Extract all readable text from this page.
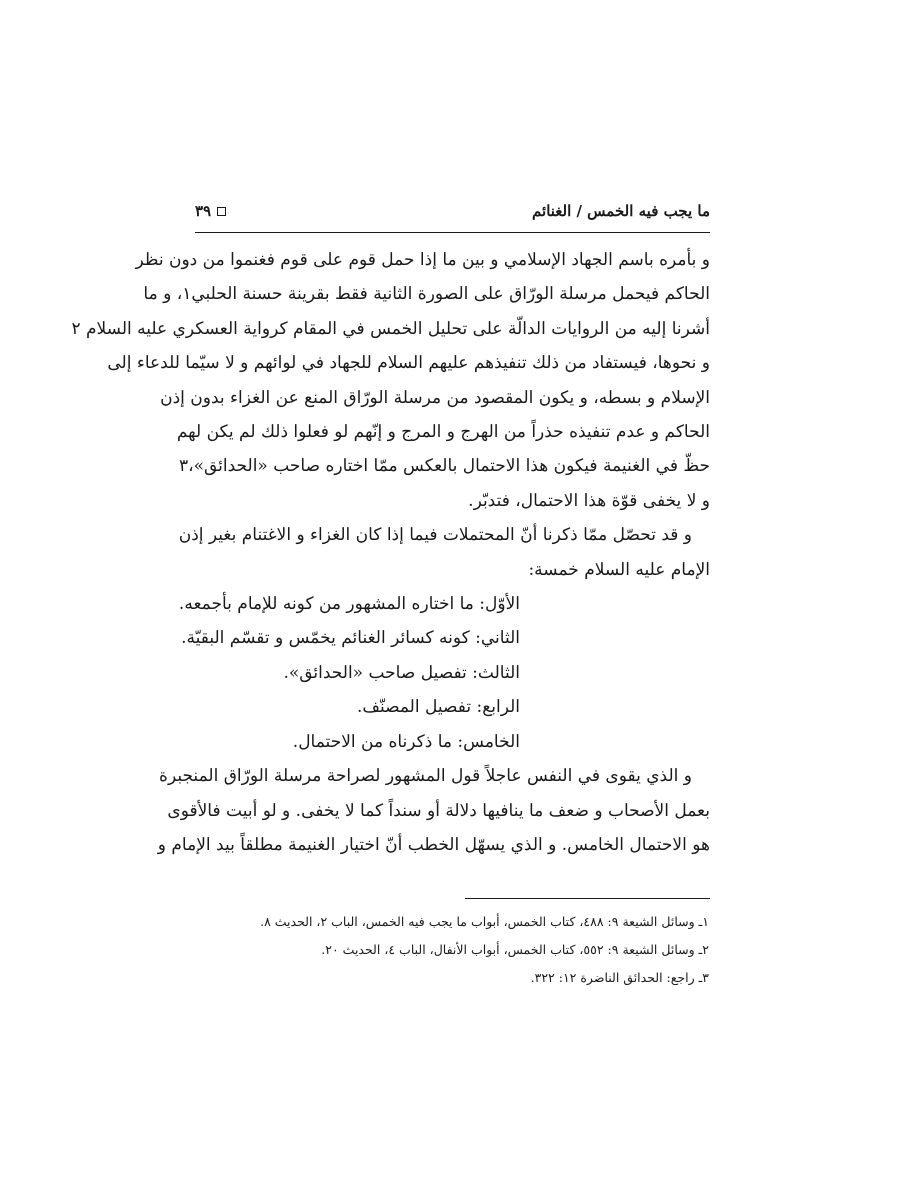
ما يجب فيه الخمس / الغنائم
٣٩
و بأمره باسم الجهاد الإسلامي و بين ما إذا حمل قوم على قوم فغنموا من دون نظر
الحاكم فيحمل مرسلة الورّاق على الصورة الثانية فقط بقرينة حسنة الحلبي١، و ما
أشرنا إليه من الروايات الدالّة على تحليل الخمس في المقام كرواية العسكري عليه السلام ٢
و نحوها، فيستفاد من ذلك تنفيذهم عليهم السلام للجهاد في لوائهم و لا سيّما للدعاء إلى
الإسلام و بسطه، و يكون المقصود من مرسلة الورّاق المنع عن الغزاء بدون إذن
الحاكم و عدم تنفيذه حذراً من الهرج و المرج و إنّهم لو فعلوا ذلك لم يكن لهم
حظّ في الغنيمة فيكون هذا الاحتمال بالعكس ممّا اختاره صاحب «الحدائق»،٣
و لا يخفى قوّة هذا الاحتمال، فتدبّر.
و قد تحصّل ممّا ذكرنا أنّ المحتملات فيما إذا كان الغزاء و الاغتنام بغير إذن
الإمام عليه السلام خمسة:
الأوّل: ما اختاره المشهور من كونه للإمام بأجمعه.
الثاني: كونه كسائر الغنائم يخمّس و تقسّم البقيّة.
الثالث: تفصيل صاحب «الحدائق».
الرابع: تفصيل المصنّف.
الخامس: ما ذكرناه من الاحتمال.
و الذي يقوى في النفس عاجلاً قول المشهور لصراحة مرسلة الورّاق المنجبرة
بعمل الأصحاب و ضعف ما ينافيها دلالة أو سنداً كما لا يخفى. و لو أبيت فالأقوى
هو الاحتمال الخامس. و الذي يسهّل الخطب أنّ اختيار الغنيمة مطلقاً بيد الإمام و
١ـ وسائل الشيعة ٩: ٤٨٨، كتاب الخمس، أبواب ما يجب فيه الخمس، الباب ٢، الحديث ٨.
٢ـ وسائل الشيعة ٩: ٥٥٢، كتاب الخمس، أبواب الأنفال، الباب ٤، الحديث ٢٠.
٣ـ راجع: الحدائق الناضرة ١٢: ٣٢٢.
